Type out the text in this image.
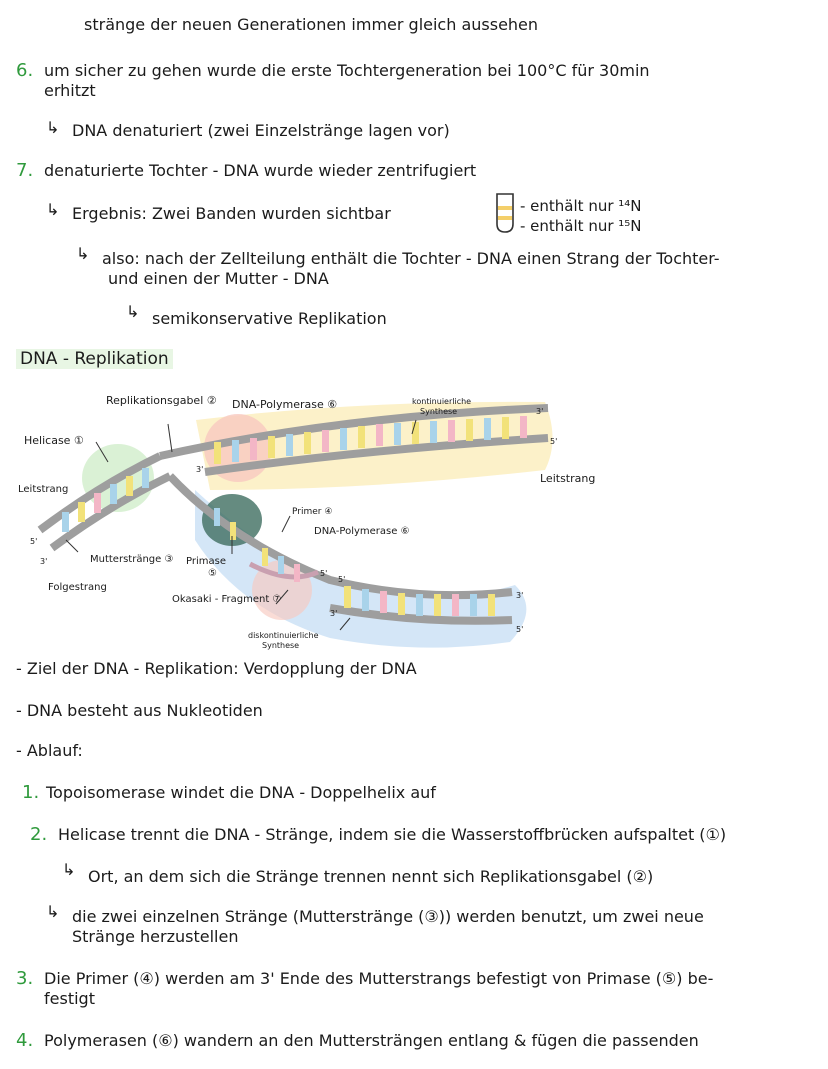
stränge der neuen Generationen immer gleich aussehen
6. um sicher zu gehen wurde die erste Tochtergeneration bei 100°C für 30min
erhitzt
↳ DNA denaturiert (zwei Einzelstränge lagen vor)
7. denaturierte Tochter - DNA wurde wieder zentrifugiert
↳ Ergebnis: Zwei Banden wurden sichtbar	- enthält nur ¹⁴N
- enthält nur ¹⁵N
↳ also: nach der Zellteilung enthält die Tochter - DNA einen Strang der Tochter-
und einen der Mutter - DNA
↳ semikonservative Replikation
DNA - Replikation
Replikationsgabel ② DNA-Polymerase ⑥	kontinuierliche
Synthese
Helicase ①
Leitstrang
Leitstrang
Primer ④
DNA-Polymerase ⑥
Mutterstränge ③ Primase
⑤
Folgestrang
Okasaki - Fragment ⑦
diskontinuierliche
Synthese
3'
5'
3'
5'
3'
5'
5'
3'
3'
5'
- Ziel der DNA - Replikation: Verdopplung der DNA
- DNA besteht aus Nukleotiden
- Ablauf:
1. Topoisomerase windet die DNA - Doppelhelix auf
2. Helicase trennt die DNA - Stränge, indem sie die Wasserstoffbrücken aufspaltet (①)
↳ Ort, an dem sich die Stränge trennen nennt sich Replikationsgabel (②)
↳ die zwei einzelnen Stränge (Mutterstränge (③)) werden benutzt, um zwei neue
Stränge herzustellen
3. Die Primer (④) werden am 3' Ende des Mutterstrangs befestigt von Primase (⑤) be-
festigt
4. Polymerasen (⑥) wandern an den Muttersträngen entlang & fügen die passenden
